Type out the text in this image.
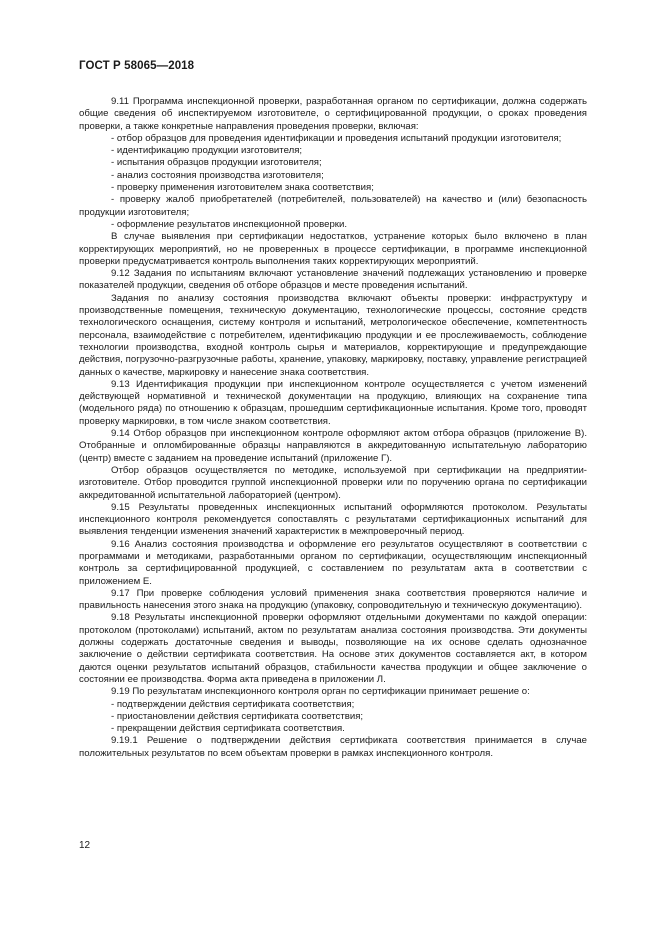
ГОСТ Р 58065—2018

9.11 Программа инспекционной проверки, разработанная органом по сертификации, должна содержать общие сведения об инспектируемом изготовителе, о сертифицированной продукции, о сроках проведения проверки, а также конкретные направления проведения проверки, включая:

- отбор образцов для проведения идентификации и проведения испытаний продукции изготовителя;

- идентификацию продукции изготовителя;

- испытания образцов продукции изготовителя;

- анализ состояния производства изготовителя;

- проверку применения изготовителем знака соответствия;

- проверку жалоб приобретателей (потребителей, пользователей) на качество и (или) безопасность продукции изготовителя;

- оформление результатов инспекционной проверки.

В случае выявления при сертификации недостатков, устранение которых было включено в план корректирующих мероприятий, но не проверенных в процессе сертификации, в программе инспекционной проверки предусматривается контроль выполнения таких корректирующих мероприятий.

9.12 Задания по испытаниям включают установление значений подлежащих установлению и проверке показателей продукции, сведения об отборе образцов и месте проведения испытаний.

Задания по анализу состояния производства включают объекты проверки: инфраструктуру и производственные помещения, техническую документацию, технологические процессы, состояние средств технологического оснащения, систему контроля и испытаний, метрологическое обеспечение, компетентность персонала, взаимодействие с потребителем, идентификацию продукции и ее прослеживаемость, соблюдение технологии производства, входной контроль сырья и материалов, корректирующие и предупреждающие действия, погрузочно-разгрузочные работы, хранение, упаковку, маркировку, поставку, управление регистрацией данных о качестве, маркировку и нанесение знака соответствия.

9.13 Идентификация продукции при инспекционном контроле осуществляется с учетом изменений действующей нормативной и технической документации на продукцию, влияющих на сохранение типа (модельного ряда) по отношению к образцам, прошедшим сертификационные испытания. Кроме того, проводят проверку маркировки, в том числе знаком соответствия.

9.14 Отбор образцов при инспекционном контроле оформляют актом отбора образцов (приложение В). Отобранные и опломбированные образцы направляются в аккредитованную испытательную лабораторию (центр) вместе с заданием на проведение испытаний (приложение Г).

Отбор образцов осуществляется по методике, используемой при сертификации на предприятии-изготовителе. Отбор проводится группой инспекционной проверки или по поручению органа по сертификации аккредитованной испытательной лабораторией (центром).

9.15 Результаты проведенных инспекционных испытаний оформляются протоколом. Результаты инспекционного контроля рекомендуется сопоставлять с результатами сертификационных испытаний для выявления тенденции изменения значений характеристик в межпроверочный период.

9.16 Анализ состояния производства и оформление его результатов осуществляют в соответствии с программами и методиками, разработанными органом по сертификации, осуществляющим инспекционный контроль за сертифицированной продукцией, с составлением по результатам акта в соответствии с приложением Е.

9.17 При проверке соблюдения условий применения знака соответствия проверяются наличие и правильность нанесения этого знака на продукцию (упаковку, сопроводительную и техническую документацию).

9.18 Результаты инспекционной проверки оформляют отдельными документами по каждой операции: протоколом (протоколами) испытаний, актом по результатам анализа состояния производства. Эти документы должны содержать достаточные сведения и выводы, позволяющие на их основе сделать однозначное заключение о действии сертификата соответствия. На основе этих документов составляется акт, в котором даются оценки результатов испытаний образцов, стабильности качества продукции и общее заключение о состоянии ее производства. Форма акта приведена в приложении Л.

9.19 По результатам инспекционного контроля орган по сертификации принимает решение о:

- подтверждении действия сертификата соответствия;

- приостановлении действия сертификата соответствия;

- прекращении действия сертификата соответствия.

9.19.1 Решение о подтверждении действия сертификата соответствия принимается в случае положительных результатов по всем объектам проверки в рамках инспекционного контроля.

12
